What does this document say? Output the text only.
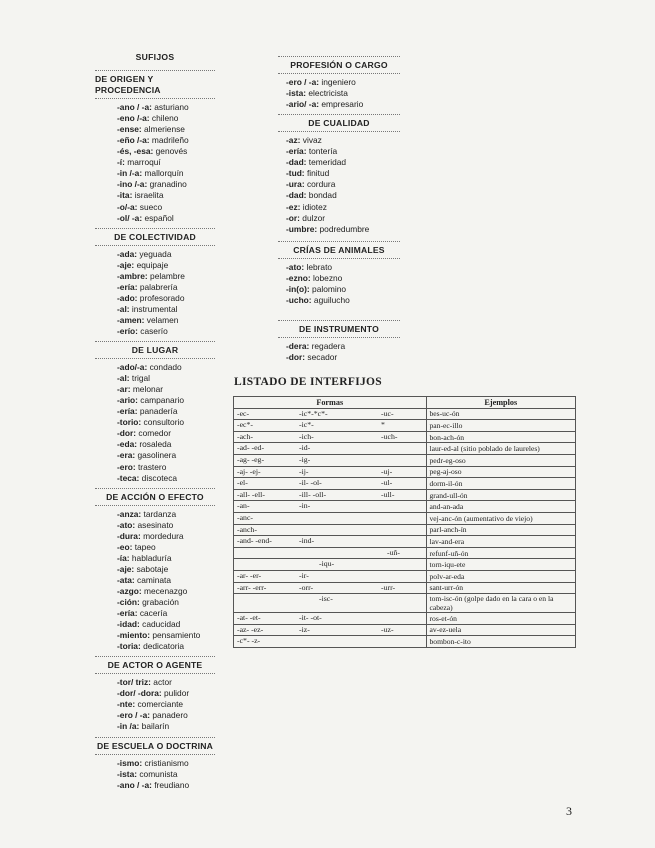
SUFIJOS
DE ORIGEN Y PROCEDENCIA
-ano / -a: asturiano
-eno /-a: chileno
-ense: almeriense
-eño /-a: madrileño
-és, -esa: genovés
-í: marroquí
-in /-a: mallorquín
-ino /-a: granadino
-ita: israelita
-o/-a: sueco
-ol/ -a: español
DE COLECTIVIDAD
-ada: yeguada
-aje: equipaje
-ambre: pelambre
-ería: palabrería
-ado: profesorado
-al: instrumental
-amen: velamen
-erío: caserío
DE LUGAR
-ado/-a: condado
-al: trigal
-ar: melonar
-ario: campanario
-ería: panadería
-torio: consultorio
-dor: comedor
-eda: rosaleda
-era: gasolinera
-ero: trastero
-teca: discoteca
DE ACCIÓN O EFECTO
-anza: tardanza
-ato: asesinato
-dura: mordedura
-eo: tapeo
-ía: habladuría
-aje: sabotaje
-ata: caminata
-azgo: mecenazgo
-ción: grabación
-ería: cacería
-idad: caducidad
-miento: pensamiento
-toria: dedicatoria
DE ACTOR O AGENTE
-tor/ triz: actor
-dor/ -dora: pulidor
-nte: comerciante
-ero / -a: panadero
-in /a: bailarín
DE ESCUELA O DOCTRINA
-ismo: cristianismo
-ista: comunista
-ano / -a: freudiano
PROFESIÓN O CARGO
-ero / -a: ingeniero
-ista: electricista
-ario/ -a: empresario
DE CUALIDAD
-az: vivaz
-ería: tontería
-dad: temeridad
-tud: finitud
-ura: cordura
-dad: bondad
-ez: idiotez
-or: dulzor
-umbre: podredumbre
CRÍAS DE ANIMALES
-ato: lebrato
-ezno: lobezno
-in(o): palomino
-ucho: aguilucho
DE INSTRUMENTO
-dera: regadera
-dor: secador
LISTADO DE INTERFIJOS
Formas	Ejemplos

-ec- -ic*-*c*- -uc-	bes-uc-ón

-ec*- -ic*- *	pan-ec-illo

-ach- -ich- -uch-	bon-ach-ón

-ad- -ed- -id-	laur-ed-al (sitio poblado de laureles)

-ag- -eg- -ig-	pedr-eg-oso

-aj- -ej- -ij- -uj-	peg-aj-oso

-el- -il- -ol- -ul-	dorm-il-ón

-all- -ell- -ill- -oll- -ull-	grand-ull-ón

-an- -in-	and-an-ada

-anc-	vej-anc-ón (aumentativo de viejo)

-anch-	parl-anch-ín

-and- -end- -ind-	lav-and-era

-uñ-	refunf-uñ-ón

-iqu-	torn-iqu-ete

-ar- -er- -ir-	polv-ar-eda

-arr- -err- -orr- -urr-	sant-urr-ón

-isc-	tom-isc-ón (golpe dado en la cara o en la cabeza)

-at- -et- -it- -ot-	ros-et-ón

-az- -ez- -iz- -uz-	av-ez-uela

-c*- -z-	bombon-c-ito
3
